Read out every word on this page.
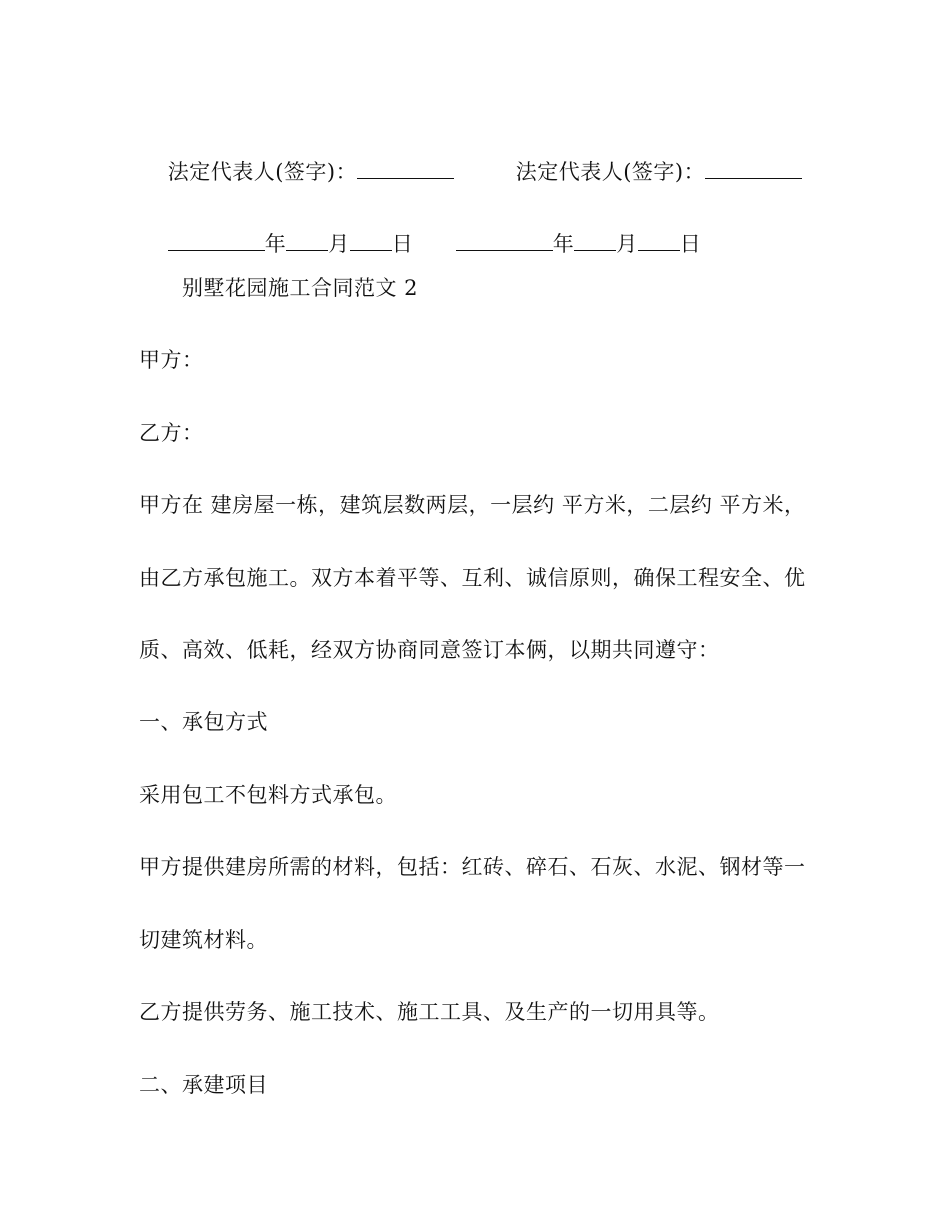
法定代表人(签字)：
	法定代表人(签字)：

年 月 日
	年 月 日

别墅花园施工合同范文 2
甲方：
乙方：
甲方在 建房屋一栋，建筑层数两层，一层约 平方米，二层约 平方米，
由乙方承包施工。双方本着平等、互利、诚信原则，确保工程安全、优
质、高效、低耗，经双方协商同意签订本俩，以期共同遵守：
一、承包方式
采用包工不包料方式承包。
甲方提供建房所需的材料，包括：红砖、碎石、石灰、水泥、钢材等一
切建筑材料。
乙方提供劳务、施工技术、施工工具、及生产的一切用具等。
二、承建项目
